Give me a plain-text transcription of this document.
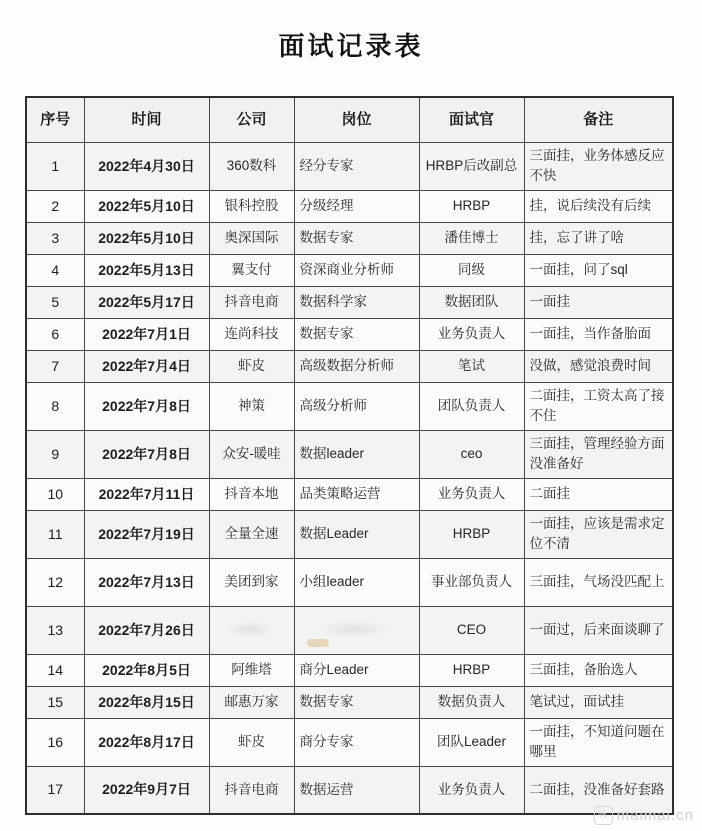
面试记录表
序号	时间	公司	岗位	面试官	备注
1	2022年4月30日	360数科	经分专家	HRBP后改副总	三面挂，业务体感反应不快
2	2022年5月10日	银科控股	分级经理	HRBP	挂，说后续没有后续
3	2022年5月10日	奥深国际	数据专家	潘佳博士	挂，忘了讲了啥
4	2022年5月13日	翼支付	资深商业分析师	同级	一面挂，问了sql
5	2022年5月17日	抖音电商	数据科学家	数据团队	一面挂
6	2022年7月1日	连尚科技	数据专家	业务负责人	一面挂，当作备胎面
7	2022年7月4日	虾皮	高级数据分析师	笔试	没做，感觉浪费时间
8	2022年7月8日	神策	高级分析师	团队负责人	二面挂，工资太高了接不住
9	2022年7月8日	众安-暖哇	数据leader	ceo	三面挂，管理经验方面没准备好
10	2022年7月11日	抖音本地	品类策略运营	业务负责人	二面挂
11	2022年7月19日	全量全速	数据Leader	HRBP	一面挂，应该是需求定位不清
12	2022年7月13日	美团到家	小组leader	事业部负责人	三面挂，气场没匹配上
13	2022年7月26日			CEO	一面过，后来面谈聊了
14	2022年8月5日	阿维塔	商分Leader	HRBP	三面挂，备胎选人
15	2022年8月15日	邮惠万家	数据专家	数据负责人	笔试过，面试挂
16	2022年8月17日	虾皮	商分专家	团队Leader	一面挂，不知道问题在哪里
17	2022年9月7日	抖音电商	数据运营	业务负责人	二面挂，没准备好套路
脉 maimai.cn
